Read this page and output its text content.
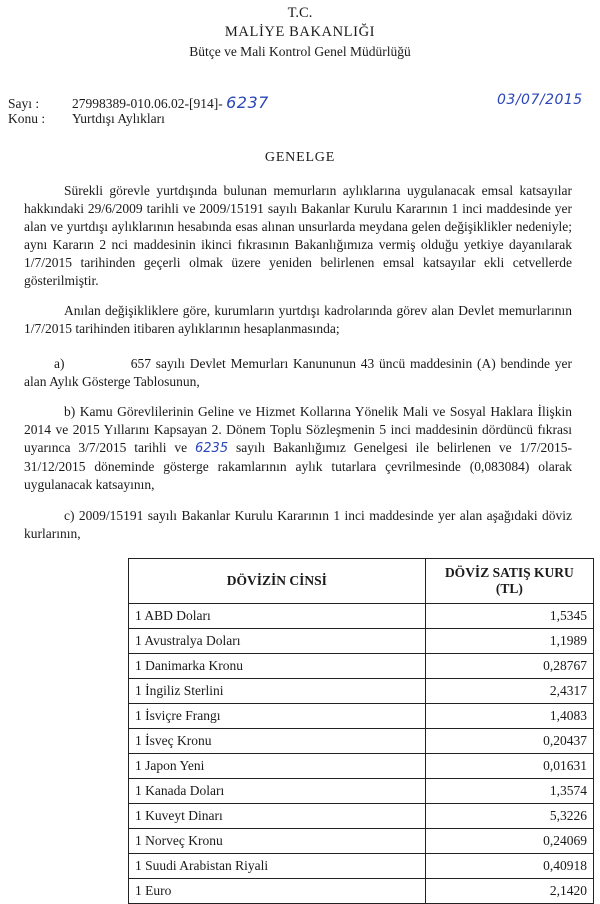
T.C.
MALİYE BAKANLIĞI
Bütçe ve Mali Kontrol Genel Müdürlüğü
Sayı : 27998389-010.06.02-[914]- 6237
Konu : Yurtdışı Aylıkları
03/07/2015
GENELGE
Sürekli görevle yurtdışında bulunan memurların aylıklarına uygulanacak emsal katsayılar hakkındaki 29/6/2009 tarihli ve 2009/15191 sayılı Bakanlar Kurulu Kararının 1 inci maddesinde yer alan ve yurtdışı aylıklarının hesabında esas alınan unsurlarda meydana gelen değişiklikler nedeniyle; aynı Kararın 2 nci maddesinin ikinci fıkrasının Bakanlığımıza vermiş olduğu yetkiye dayanılarak 1/7/2015 tarihinden geçerli olmak üzere yeniden belirlenen emsal katsayılar ekli cetvellerde gösterilmiştir.
Anılan değişikliklere göre, kurumların yurtdışı kadrolarında görev alan Devlet memurlarının 1/7/2015 tarihinden itibaren aylıklarının hesaplanmasında;
a)	657 sayılı Devlet Memurları Kanununun 43 üncü maddesinin (A) bendinde yer alan Aylık Gösterge Tablosunun,
b) Kamu Görevlilerinin Geline ve Hizmet Kollarına Yönelik Mali ve Sosyal Haklara İlişkin 2014 ve 2015 Yıllarını Kapsayan 2. Dönem Toplu Sözleşmenin 5 inci maddesinin dördüncü fıkrası uyarınca 3/7/2015 tarihli ve 6235 sayılı Bakanlığımız Genelgesi ile belirlenen ve 1/7/2015-31/12/2015 döneminde gösterge rakamlarının aylık tutarlara çevrilmesinde (0,083084) olarak uygulanacak katsayının,
c) 2009/15191 sayılı Bakanlar Kurulu Kararının 1 inci maddesinde yer alan aşağıdaki döviz kurlarının,
DÖVİZİN CİNSİ	DÖVİZ SATIŞ KURU
(TL)

1 ABD Doları	1,5345
1 Avustralya Doları	1,1989
1 Danimarka Kronu	0,28767
1 İngiliz Sterlini	2,4317
1 İsviçre Frangı	1,4083
1 İsveç Kronu	0,20437
1 Japon Yeni	0,01631
1 Kanada Doları	1,3574
1 Kuveyt Dinarı	5,3226
1 Norveç Kronu	0,24069
1 Suudi Arabistan Riyali	0,40918
1 Euro	2,1420
